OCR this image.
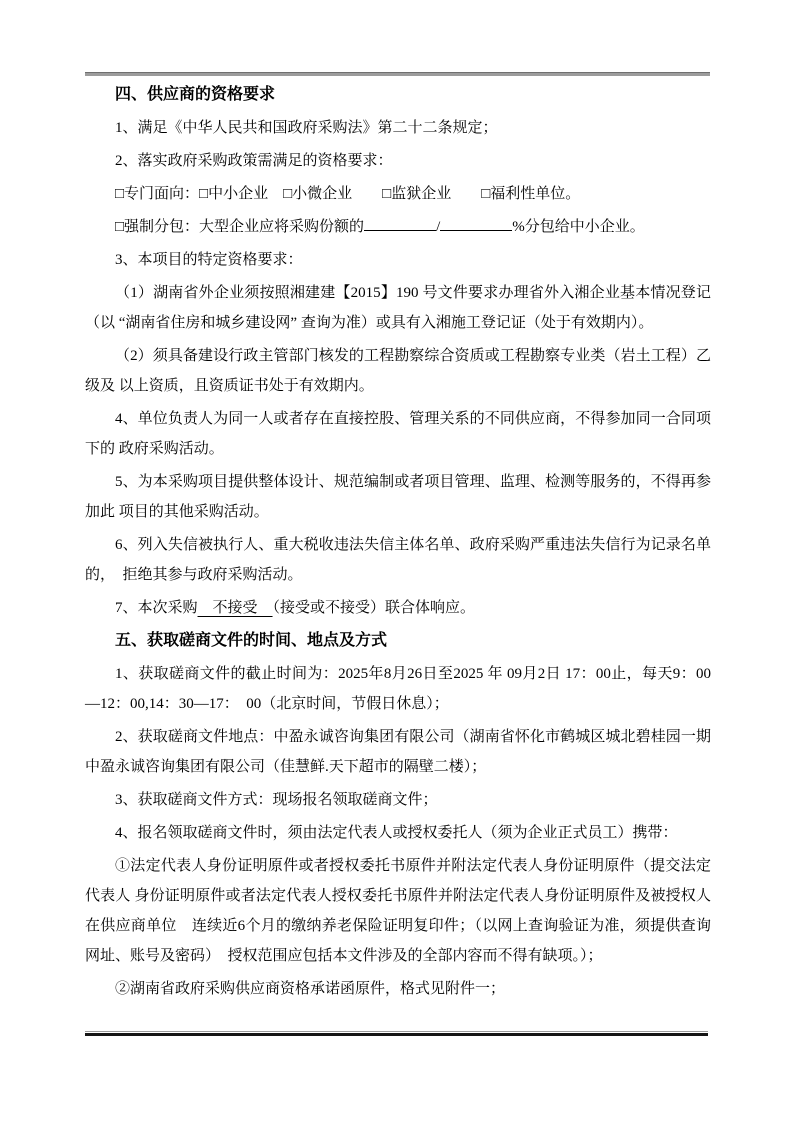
四、供应商的资格要求

1、满足《中华人民共和国政府采购法》第二十二条规定；

2、落实政府采购政策需满足的资格要求：

□专门面向：□中小企业　□小微企业　　□监狱企业　　□福利性单位。

□强制分包：大型企业应将采购份额的	/	%分包给中小企业。

3、本项目的特定资格要求：

（1）湖南省外企业须按照湘建建【2015】190 号文件要求办理省外入湘企业基本情况登记（以 “湖南省住房和城乡建设网” 查询为准）或具有入湘施工登记证（处于有效期内）。

（2）须具备建设行政主管部门核发的工程勘察综合资质或工程勘察专业类（岩土工程）乙级及 以上资质，且资质证书处于有效期内。

4、单位负责人为同一人或者存在直接控股、管理关系的不同供应商，不得参加同一合同项下的 政府采购活动。

5、为本采购项目提供整体设计、规范编制或者项目管理、监理、检测等服务的，不得再参加此 项目的其他采购活动。

6、列入失信被执行人、重大税收违法失信主体名单、政府采购严重违法失信行为记录名单的，　拒绝其参与政府采购活动。

7、本次采购　不接受　（接受或不接受）联合体响应。

五、获取磋商文件的时间、地点及方式

1、获取磋商文件的截止时间为：2025年8月26日至2025 年 09月2日 17：00止，每天9：00—12：00,14：30—17：　00（北京时间，节假日休息）；

2、获取磋商文件地点：中盈永诚咨询集团有限公司（湖南省怀化市鹤城区城北碧桂园一期中盈永诚咨询集团有限公司（佳慧鲜.天下超市的隔壁二楼）；

3、获取磋商文件方式：现场报名领取磋商文件；

4、报名领取磋商文件时，须由法定代表人或授权委托人（须为企业正式员工）携带：

①法定代表人身份证明原件或者授权委托书原件并附法定代表人身份证明原件（提交法定代表人 身份证明原件或者法定代表人授权委托书原件并附法定代表人身份证明原件及被授权人在供应商单位　连续近6个月的缴纳养老保险证明复印件；（以网上查询验证为准，须提供查询网址、账号及密码）　授权范围应包括本文件涉及的全部内容而不得有缺项。）；

②湖南省政府采购供应商资格承诺函原件，格式见附件一；
